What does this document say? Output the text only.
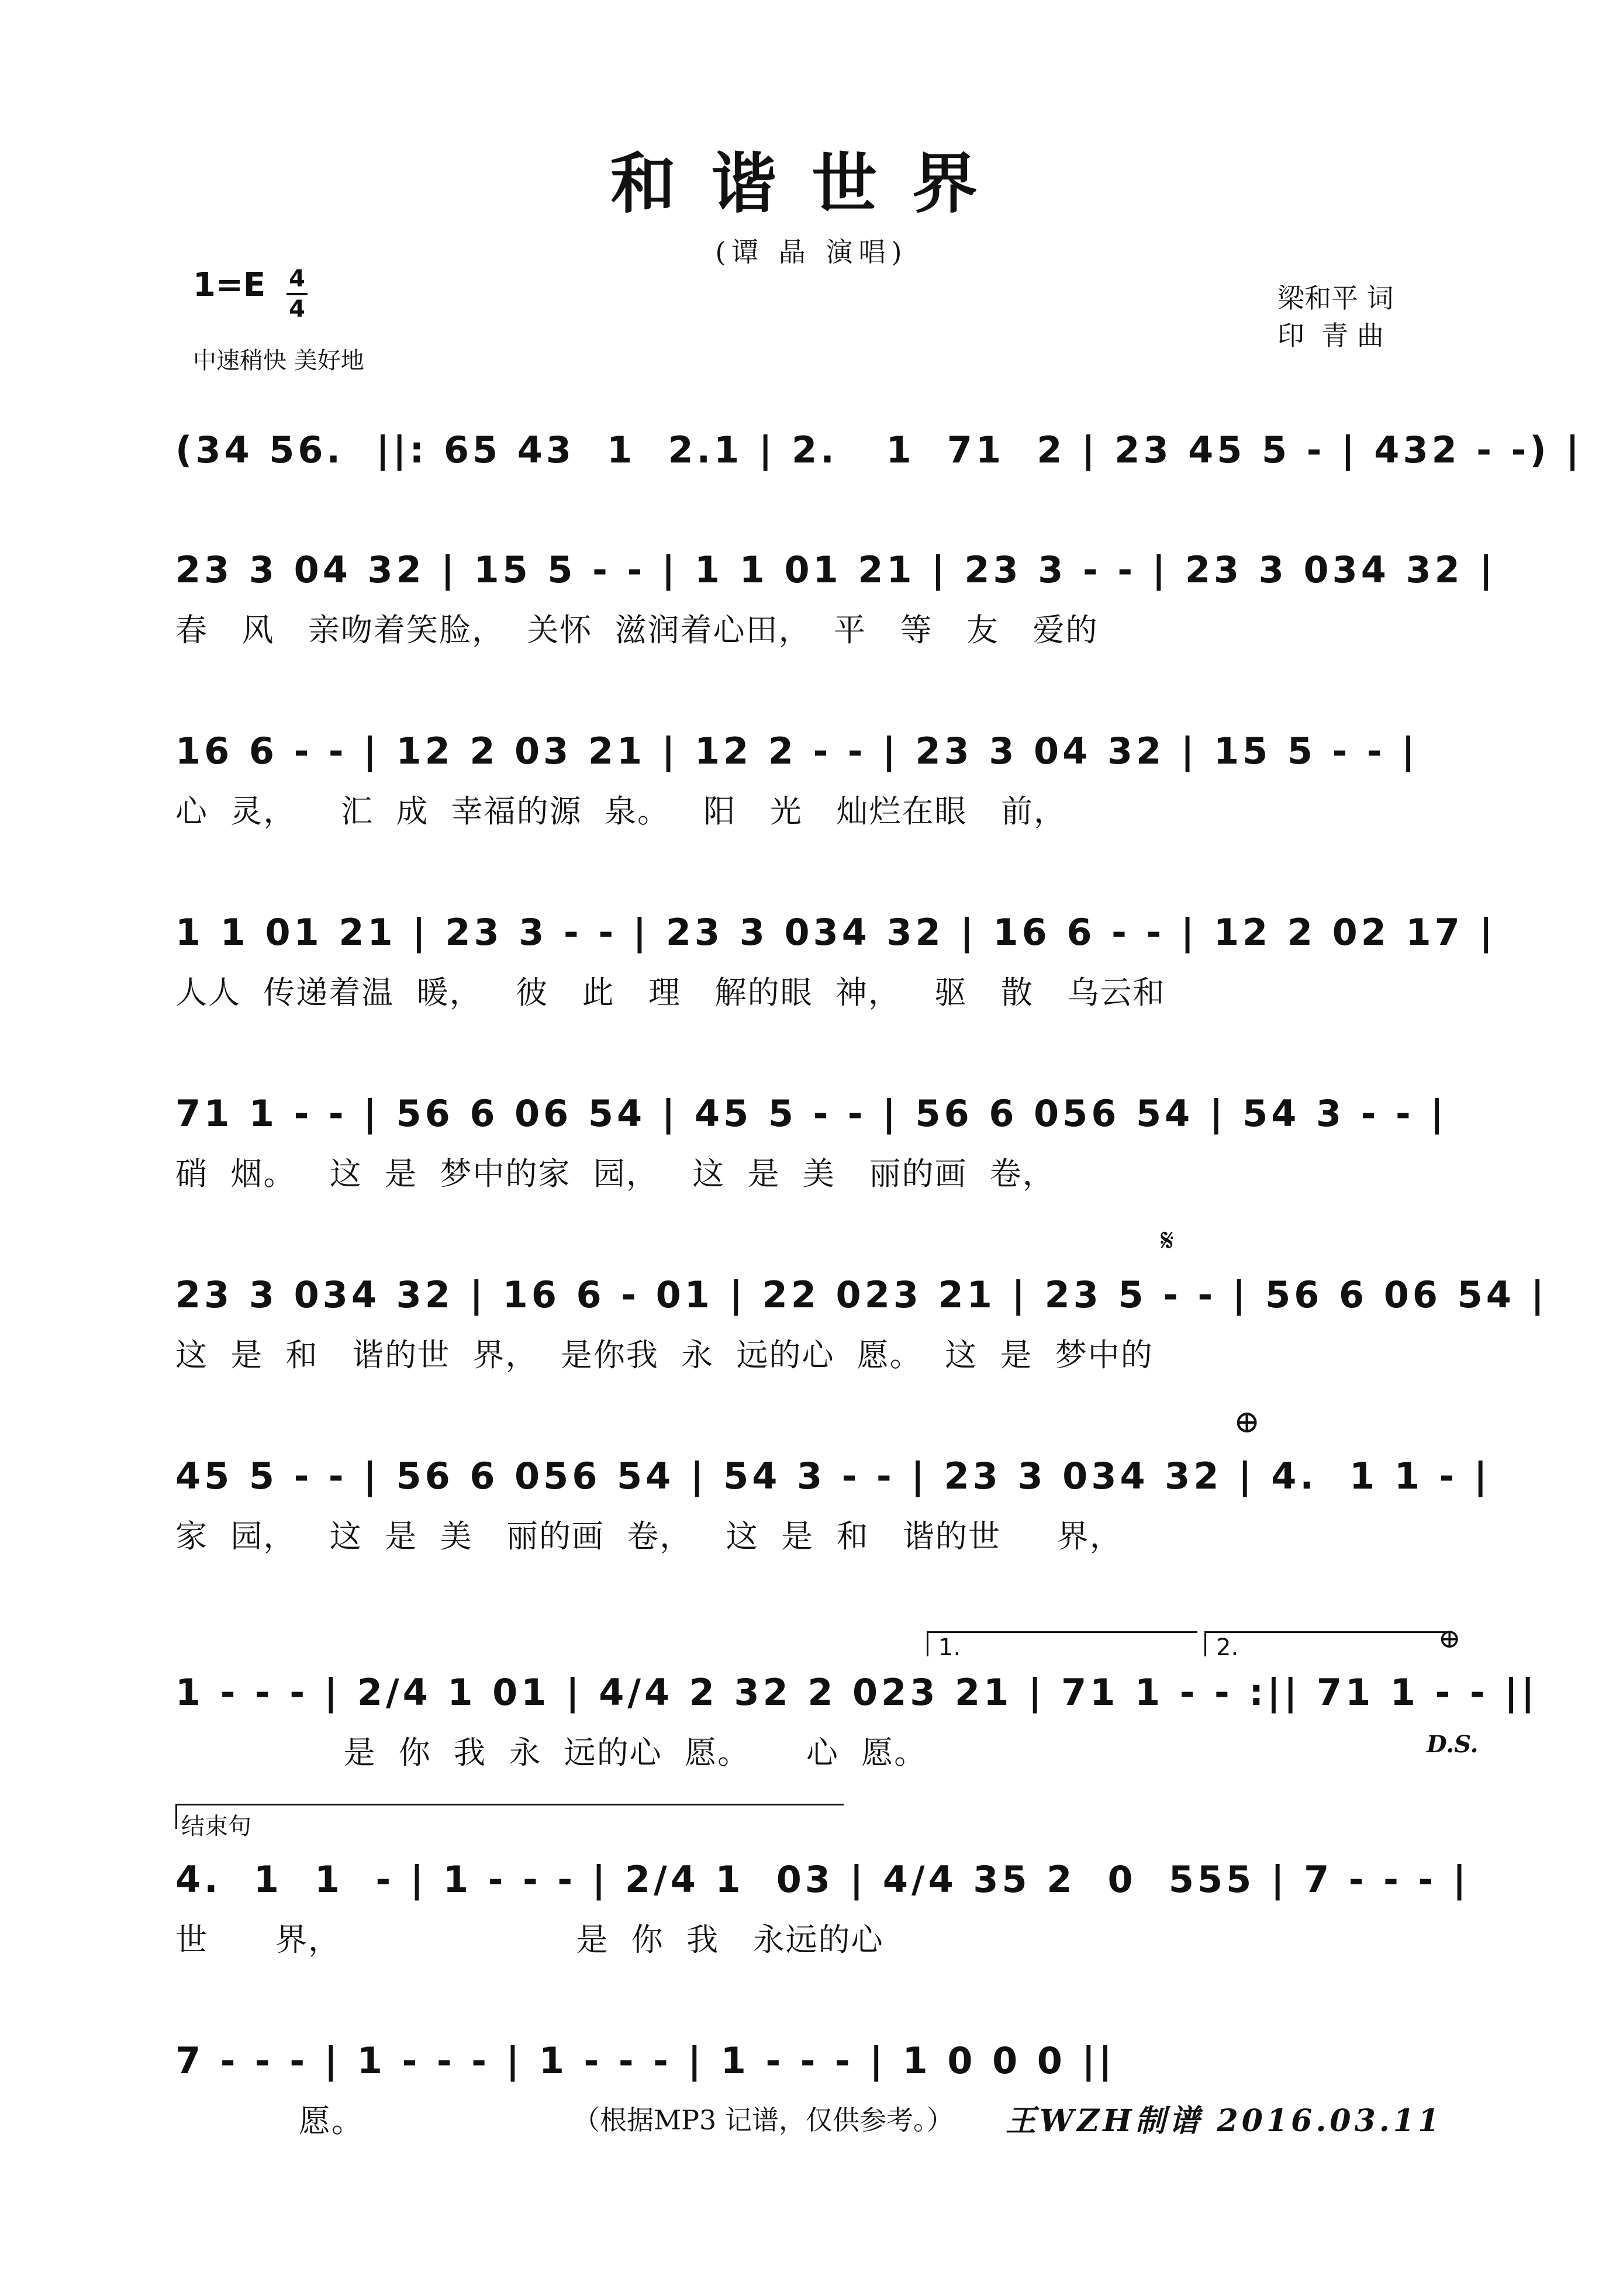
和谐世界
(谭 晶 演唱)
1=E 4
4
中速稍快 美好地
梁和平 词
印  青 曲
(34 56.  ||: 65 43  1  2.1 | 2.   1  71  2 | 23 45 5 - | 432 - -) |
23 3 04 32 | 15 5 - - | 1 1 01 21 | 23 3 - - | 23 3 034 32 |
春   风   亲吻着笑脸，  关怀  滋润着心田，  平   等   友   爱的
16 6 - - | 12 2 03 21 | 12 2 - - | 23 3 04 32 | 15 5 - - |
心  灵，    汇  成  幸福的源  泉。   阳   光   灿烂在眼   前，
1 1 01 21 | 23 3 - - | 23 3 034 32 | 16 6 - - | 12 2 02 17 |
人人  传递着温  暖，   彼   此   理   解的眼  神，   驱   散   乌云和
71 1 - - | 56 6 06 54 | 45 5 - - | 56 6 056 54 | 54 3 - - |
硝  烟。   这  是  梦中的家  园，   这  是  美   丽的画  卷，
𝄋
23 3 034 32 | 16 6 - 01 | 22 023 21 | 23 5 - - | 56 6 06 54 |
这  是  和   谐的世  界，  是你我  永  远的心  愿。  这  是  梦中的
⊕
45 5 - - | 56 6 056 54 | 54 3 - - | 23 3 034 32 | 4.  1 1 - |
家  园，   这  是  美   丽的画  卷，   这  是  和   谐的世     界，
1.	2.	⊕
1 - - - | 2/4 1 01 | 4/4 2 32 2 023 21 | 71 1 - - :|| 71 1 - - ||
是  你  我  永  远的心  愿。     心  愿。	D.S.
结束句
4.  1  1  - | 1 - - - | 2/4 1  03 | 4/4 35 2  0  555 | 7 - - - |
世      界，                     是  你  我   永远的心
7 - - - | 1 - - - | 1 - - - | 1 - - - | 1 0 0 0 ||
愿。	（根据MP3 记谱，仅供参考。） 王WZH制谱 2016.03.11
